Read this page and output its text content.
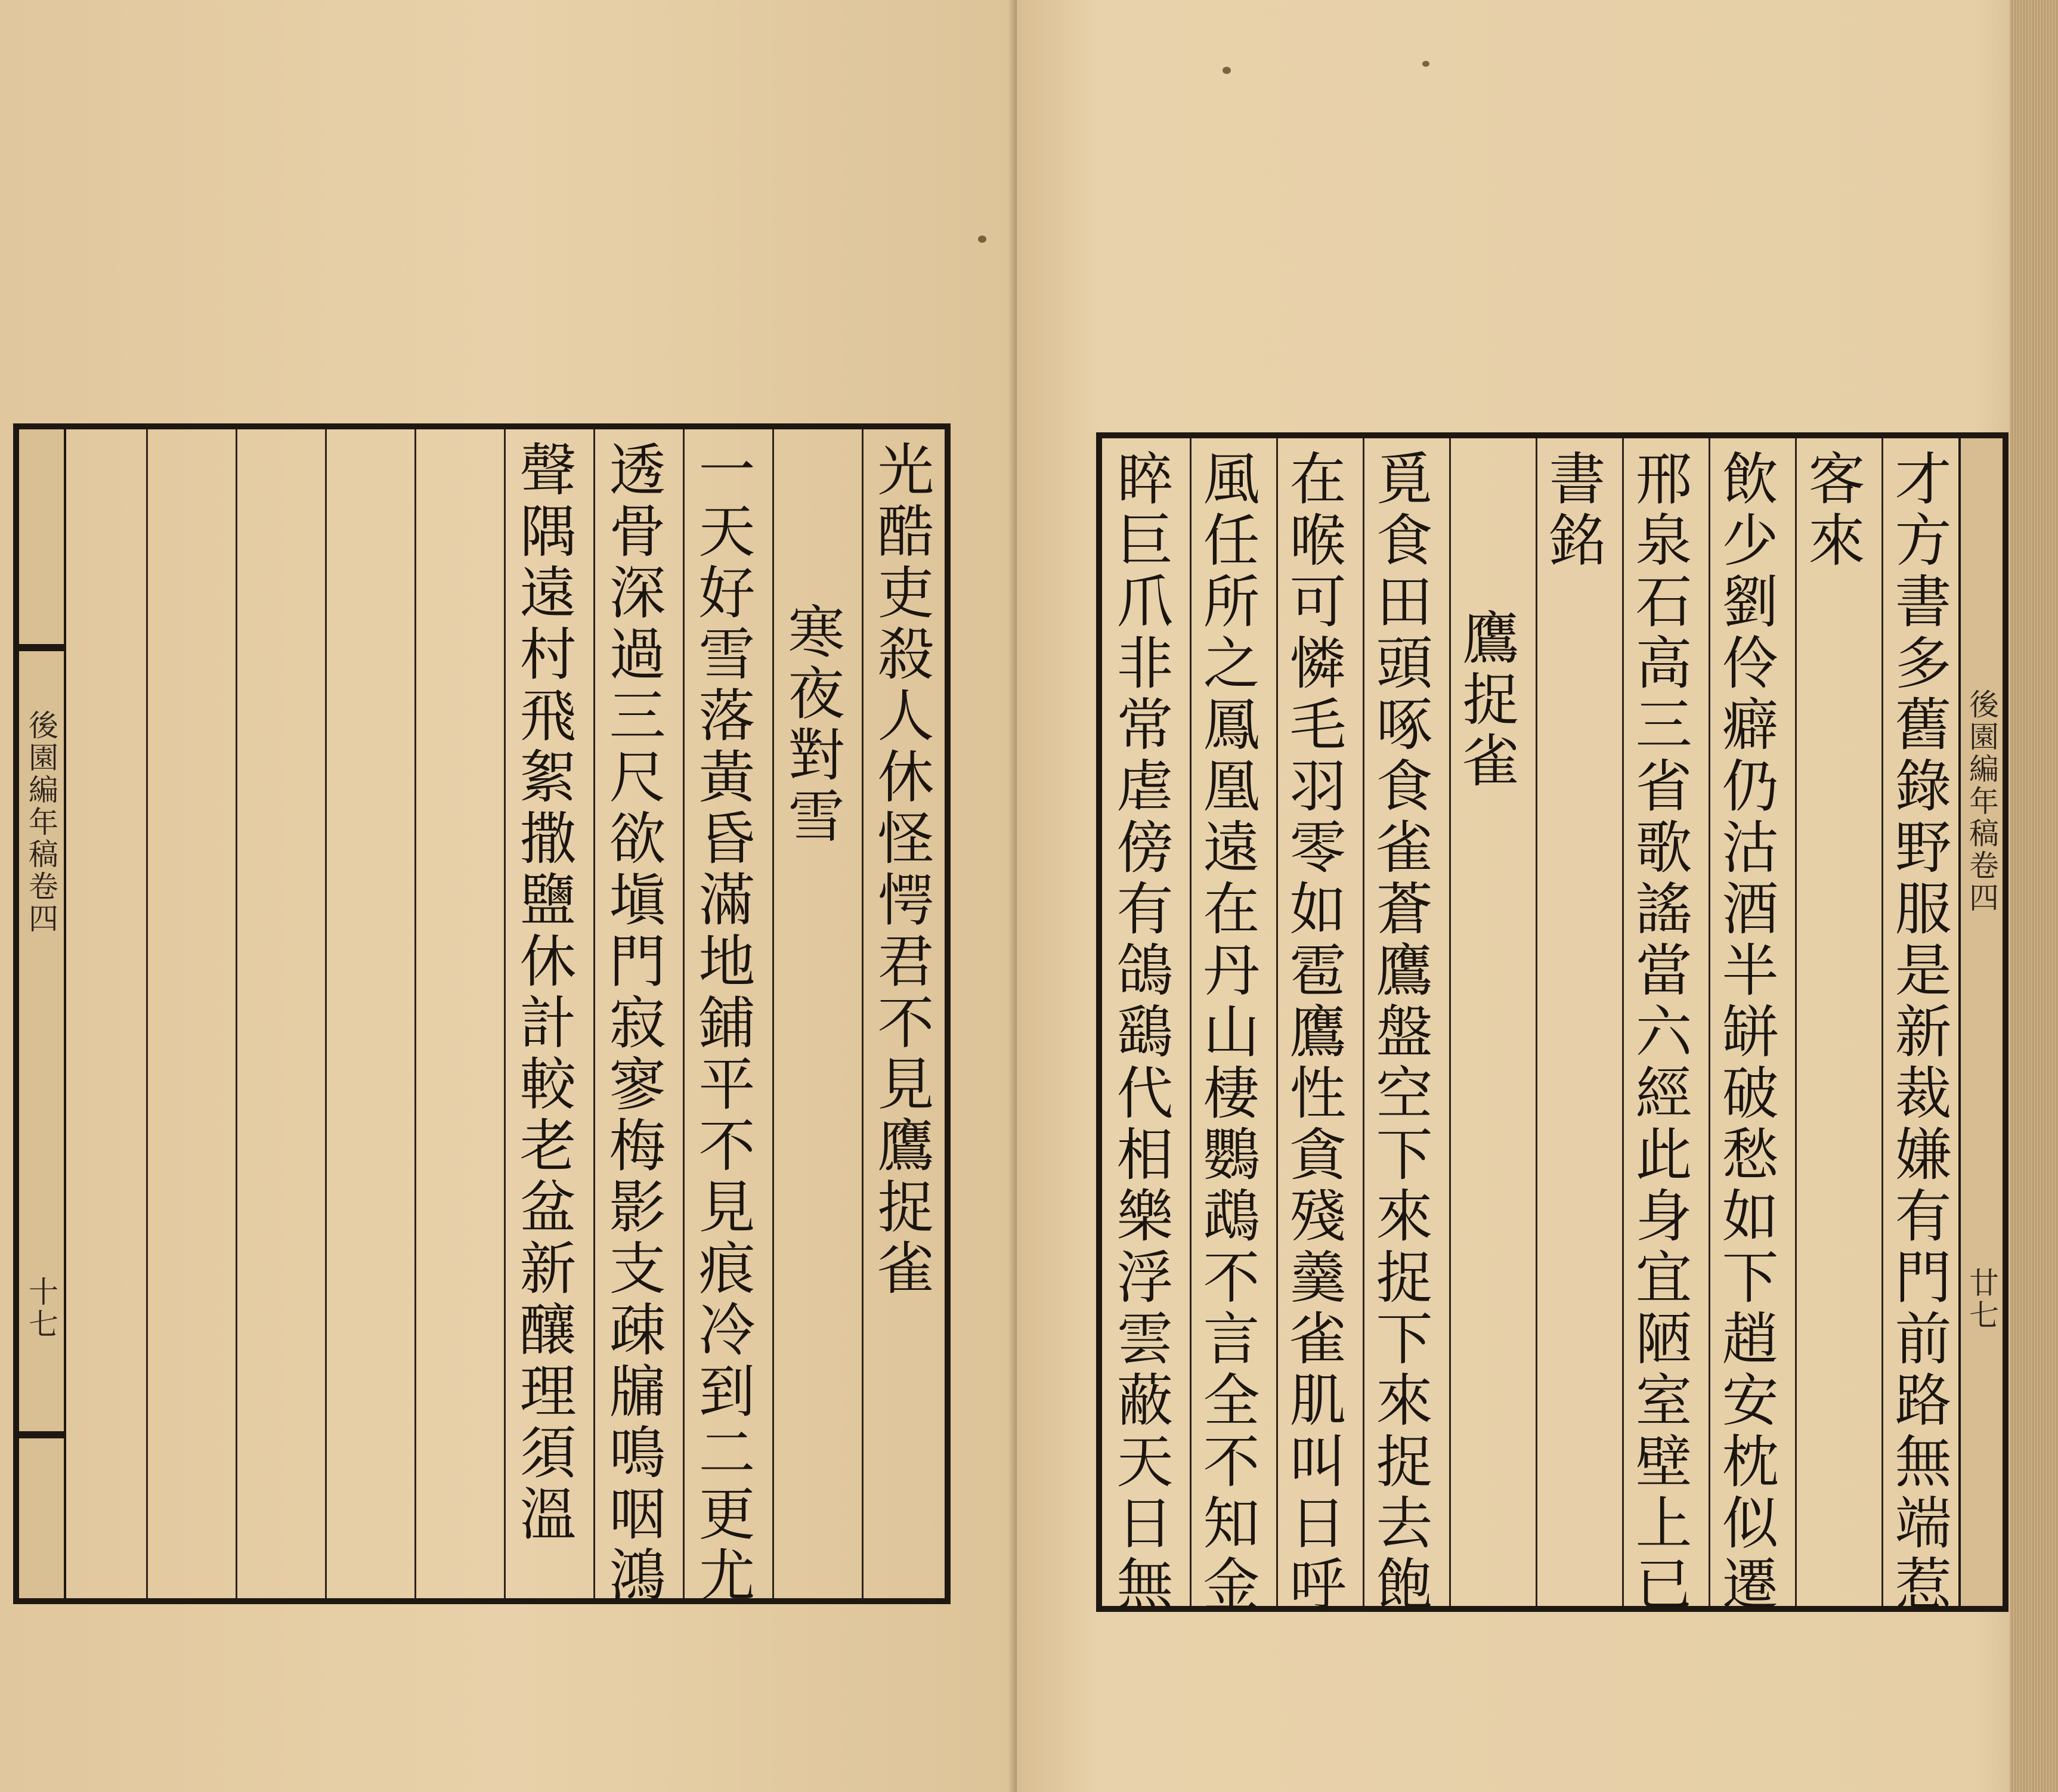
後園編年稿卷四
十七
光酷吏殺人休怪愕君不見鷹捉雀
寒夜對雪
一天好雪落黃昏滿地鋪平不見痕冷到二更尤
透骨深過三尺欲塡門寂寥梅影支疎牖鳴咽鴻
聲隅遠村飛絮撒鹽休計較老盆新釀理須溫	後園編年稿卷四
廿七
才方書多舊錄野服是新裁嫌有門前路無端惹
客來
飲少劉伶癖仍沽酒半缾破愁如下趙安枕似遷
邢泉石高三省歌謠當六經此身宜陋室壁上已
書銘
鷹捉雀
覓食田頭啄食雀蒼鷹盤空下來捉下來捉去飽
在喉可憐毛羽零如雹鷹性貪殘羹雀肌叫日呼
風任所之鳳凰遠在丹山棲鸚鵡不言全不知金
睟巨爪非常虐傍有鴿鷂代相樂浮雲蔽天日無
